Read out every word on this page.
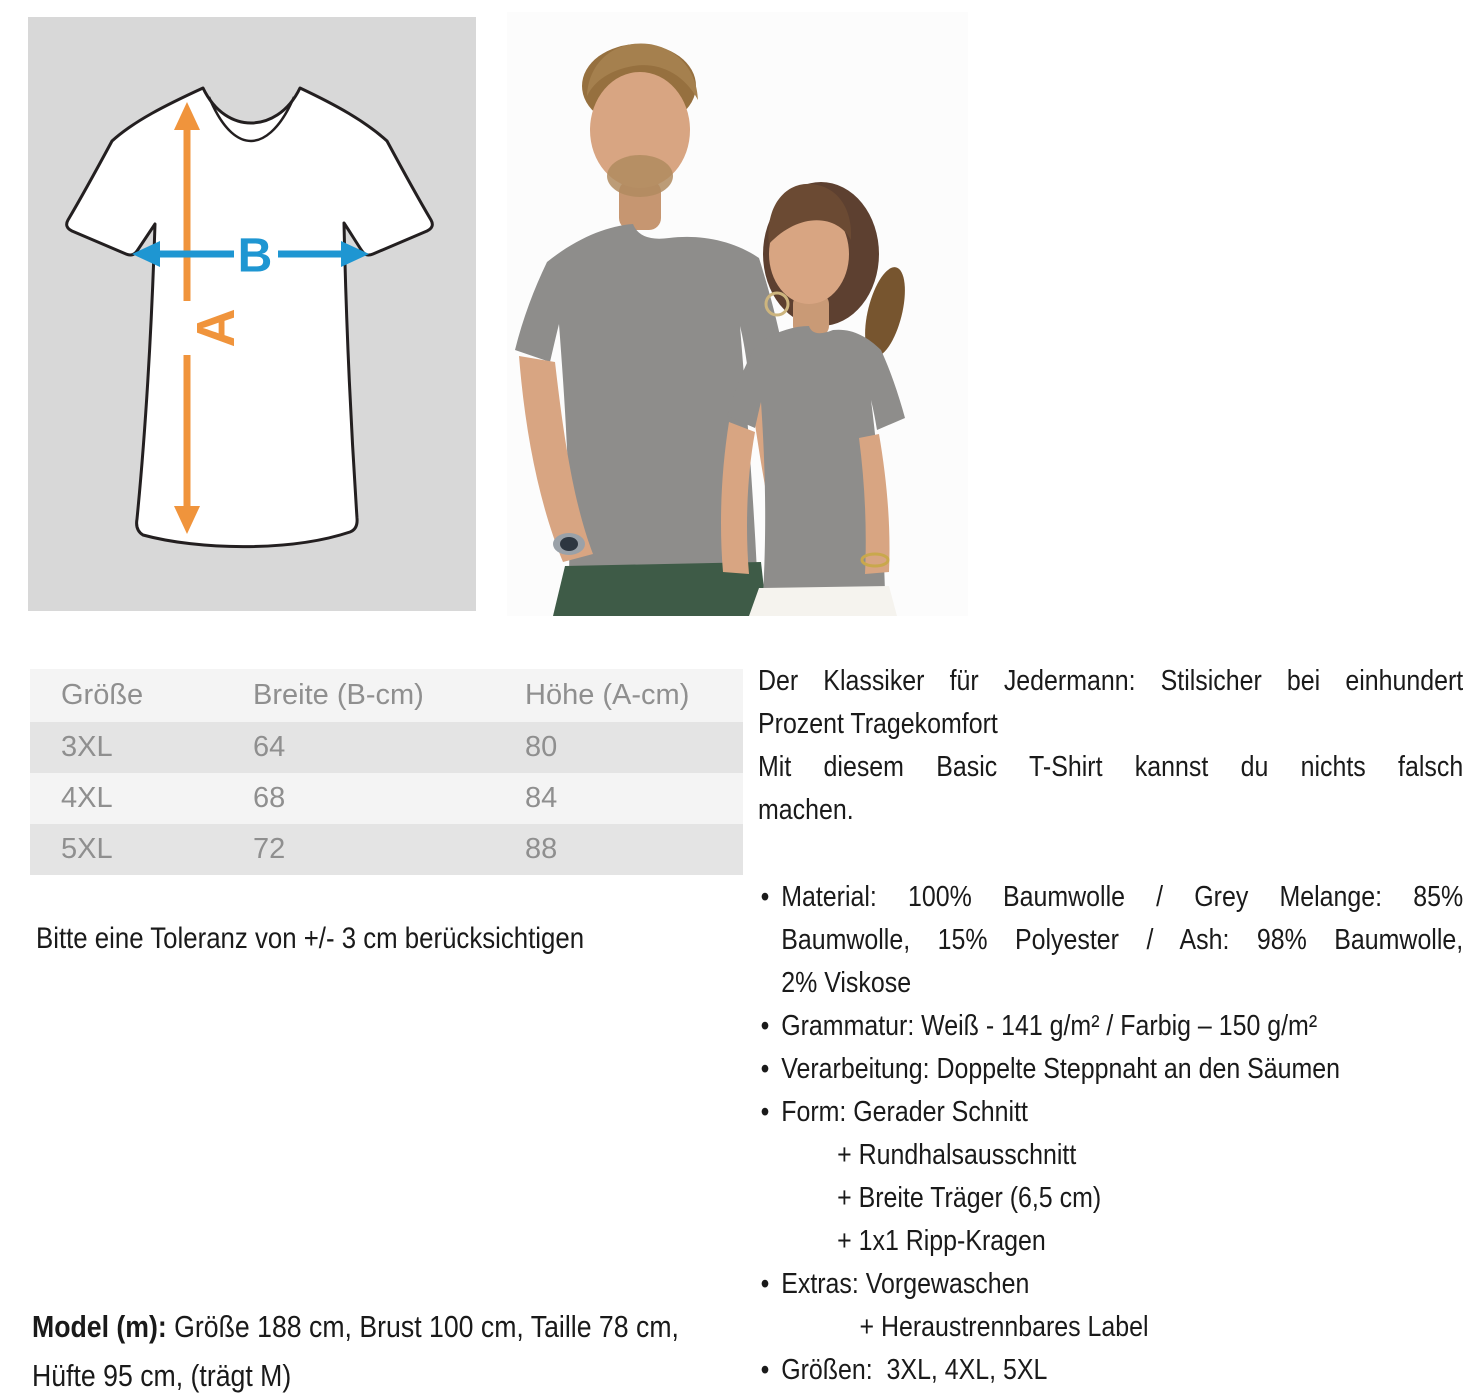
A
B
Größe	Breite (B-cm)	Höhe (A-cm)
3XL	64	80
4XL	68	84
5XL	72	88
Bitte eine Toleranz von +/- 3 cm berücksichtigen
Model (m): Größe 188 cm, Brust 100 cm, Taille 78 cm,
Hüfte 95 cm, (trägt M)
Der Klassiker für Jedermann: Stilsicher bei einhundert
Prozent Tragekomfort
Mit diesem Basic T-Shirt kannst du nichts falsch
machen.
• Material: 100% Baumwolle / Grey Melange: 85%
Baumwolle, 15% Polyester / Ash: 98% Baumwolle,
2% Viskose
• Grammatur: Weiß - 141 g/m² / Farbig – 150 g/m²
• Verarbeitung: Doppelte Steppnaht an den Säumen
• Form: Gerader Schnitt
+ Rundhalsausschnitt
+ Breite Träger (6,5 cm)
+ 1x1 Ripp-Kragen
• Extras: Vorgewaschen
+ Heraustrennbares Label
• Größen:  3XL, 4XL, 5XL
